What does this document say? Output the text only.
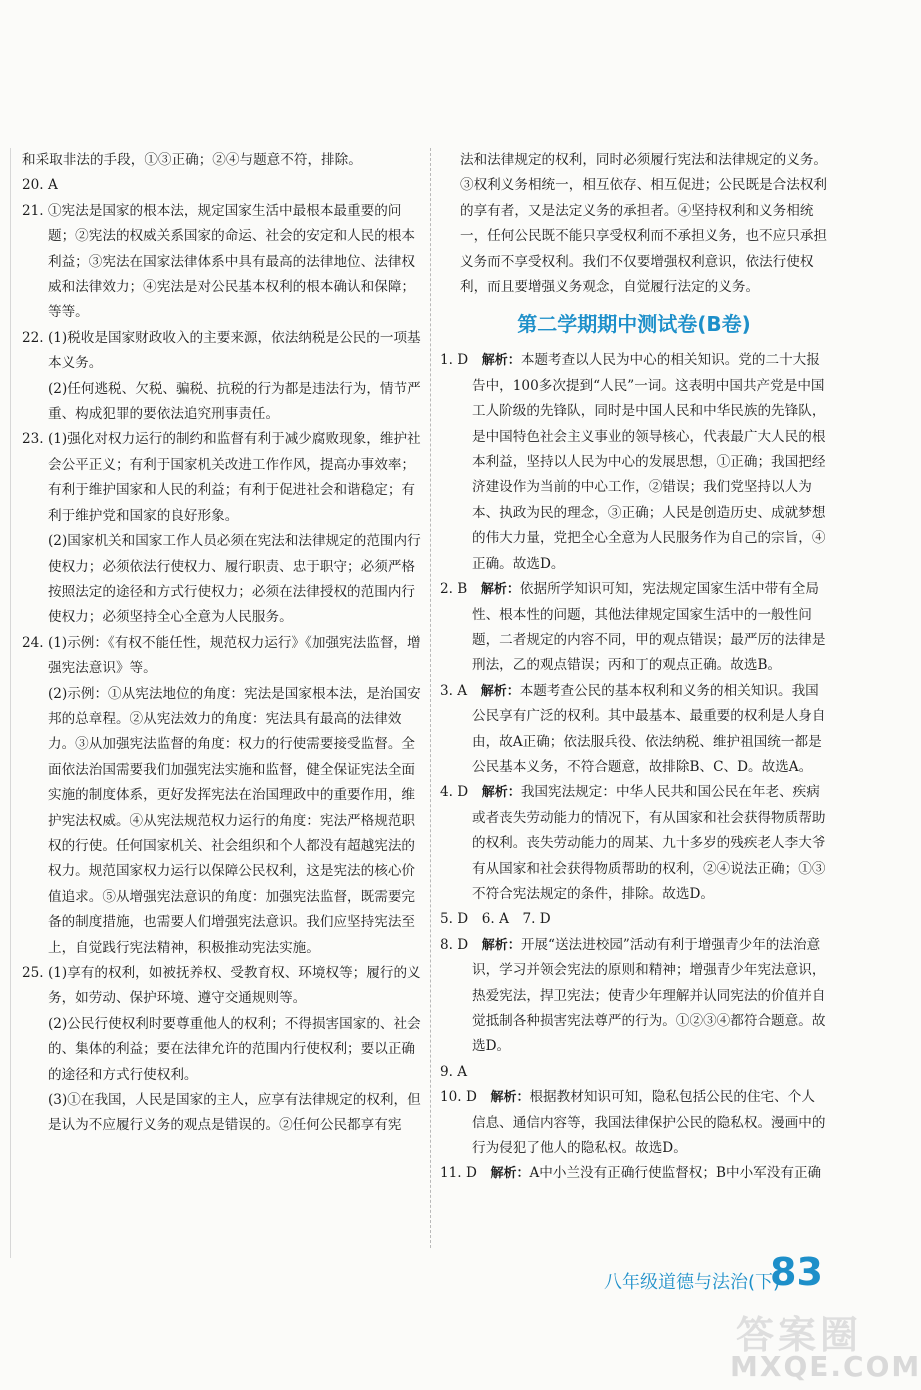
和采取非法的手段，①③正确；②④与题意不符，排除。

20. A

21. ①宪法是国家的根本法，规定国家生活中最根本最重要的问题；②宪法的权威关系国家的命运、社会的安定和人民的根本利益；③宪法在国家法律体系中具有最高的法律地位、法律权威和法律效力；④宪法是对公民基本权利的根本确认和保障；等等。

22. (1)税收是国家财政收入的主要来源，依法纳税是公民的一项基本义务。

(2)任何逃税、欠税、骗税、抗税的行为都是违法行为，情节严重、构成犯罪的要依法追究刑事责任。

23. (1)强化对权力运行的制约和监督有利于减少腐败现象，维护社会公平正义；有利于国家机关改进工作作风，提高办事效率；有利于维护国家和人民的利益；有利于促进社会和谐稳定；有利于维护党和国家的良好形象。

(2)国家机关和国家工作人员必须在宪法和法律规定的范围内行使权力；必须依法行使权力、履行职责、忠于职守；必须严格按照法定的途径和方式行使权力；必须在法律授权的范围内行使权力；必须坚持全心全意为人民服务。

24. (1)示例：《有权不能任性，规范权力运行》《加强宪法监督，增强宪法意识》等。

(2)示例：①从宪法地位的角度：宪法是国家根本法，是治国安邦的总章程。②从宪法效力的角度：宪法具有最高的法律效力。③从加强宪法监督的角度：权力的行使需要接受监督。全面依法治国需要我们加强宪法实施和监督，健全保证宪法全面实施的制度体系，更好发挥宪法在治国理政中的重要作用，维护宪法权威。④从宪法规范权力运行的角度：宪法严格规范职权的行使。任何国家机关、社会组织和个人都没有超越宪法的权力。规范国家权力运行以保障公民权利，这是宪法的核心价值追求。⑤从增强宪法意识的角度：加强宪法监督，既需要完备的制度措施，也需要人们增强宪法意识。我们应坚持宪法至上，自觉践行宪法精神，积极推动宪法实施。

25. (1)享有的权利，如被抚养权、受教育权、环境权等；履行的义务，如劳动、保护环境、遵守交通规则等。

(2)公民行使权利时要尊重他人的权利；不得损害国家的、社会的、集体的利益；要在法律允许的范围内行使权利；要以正确的途径和方式行使权利。

(3)①在我国，人民是国家的主人，应享有法律规定的权利，但是认为不应履行义务的观点是错误的。②任何公民都享有宪

法和法律规定的权利，同时必须履行宪法和法律规定的义务。③权利义务相统一，相互依存、相互促进；公民既是合法权利的享有者，又是法定义务的承担者。④坚持权利和义务相统一，任何公民既不能只享受权利而不承担义务，也不应只承担义务而不享受权利。我们不仅要增强权利意识，依法行使权利，而且要增强义务观念，自觉履行法定的义务。

第二学期期中测试卷(B卷)

1. D　 解析：本题考查以人民为中心的相关知识。党的二十大报告中，100多次提到“人民”一词。这表明中国共产党是中国工人阶级的先锋队，同时是中国人民和中华民族的先锋队，是中国特色社会主义事业的领导核心，代表最广大人民的根本利益，坚持以人民为中心的发展思想，①正确；我国把经济建设作为当前的中心工作，②错误；我们党坚持以人为本、执政为民的理念，③正确；人民是创造历史、成就梦想的伟大力量，党把全心全意为人民服务作为自己的宗旨，④正确。故选D。

2. B　 解析：依据所学知识可知，宪法规定国家生活中带有全局性、根本性的问题，其他法律规定国家生活中的一般性问题，二者规定的内容不同，甲的观点错误；最严厉的法律是刑法，乙的观点错误；丙和丁的观点正确。故选B。

3. A　 解析：本题考查公民的基本权利和义务的相关知识。我国公民享有广泛的权利。其中最基本、最重要的权利是人身自由，故A正确；依法服兵役、依法纳税、维护祖国统一都是公民基本义务，不符合题意，故排除B、C、D。故选A。

4. D　 解析：我国宪法规定：中华人民共和国公民在年老、疾病或者丧失劳动能力的情况下，有从国家和社会获得物质帮助的权利。丧失劳动能力的周某、九十多岁的残疾老人李大爷有从国家和社会获得物质帮助的权利，②④说法正确；①③不符合宪法规定的条件，排除。故选D。

5. D　6. A　7. D

8. D　 解析：开展“送法进校园”活动有利于增强青少年的法治意识，学习并领会宪法的原则和精神；增强青少年宪法意识，热爱宪法，捍卫宪法；使青少年理解并认同宪法的价值并自觉抵制各种损害宪法尊严的行为。①②③④都符合题意。故选D。

9. A

10. D　 解析：根据教材知识可知，隐私包括公民的住宅、个人信息、通信内容等，我国法律保护公民的隐私权。漫画中的行为侵犯了他人的隐私权。故选D。

11. D　 解析：A中小兰没有正确行使监督权；B中小军没有正确

八年级道德与法治(下)
83
答案圈
MXQE.COM
